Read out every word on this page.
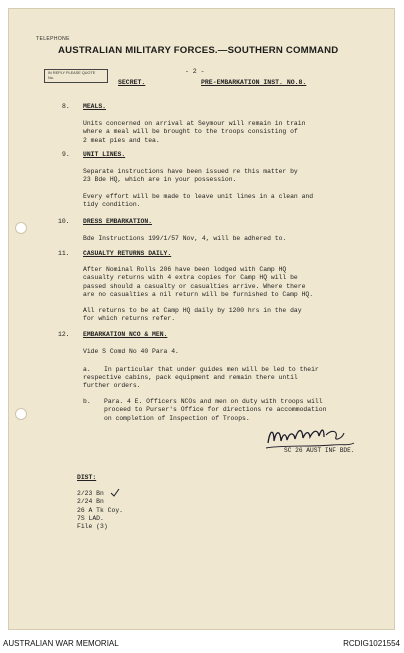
TELEPHONE
AUSTRALIAN MILITARY FORCES.—SOUTHERN COMMAND
IN REPLY PLEASE QUOTE
No.
- 2 -
SECRET.	PRE-EMBARKATION INST. NO.8.
8. MEALS.
Units concerned on arrival at Seymour will remain in train
where a meal will be brought to the troops consisting of
2 meat pies and tea.
9. UNIT LINES.
Separate instructions have been issued re this matter by
23 Bde HQ, which are in your possession.
Every effort will be made to leave unit lines in a clean and
tidy condition.
10. DRESS EMBARKATION.
Bde Instructions 199/1/57 Nov, 4, will be adhered to.
11. CASUALTY RETURNS DAILY.
After Nominal Rolls 206 have been lodged with Camp HQ
casualty returns with 4 extra copies for Camp HQ will be
passed should a casualty or casualties arrive. Where there
are no casualties a nil return will be furnished to Camp HQ.
All returns to be at Camp HQ daily by 1200 hrs in the day
for which returns refer.
12. EMBARKATION NCO & MEN.
Vide S Comd No 40 Para 4.
a. In particular that under guides men will be led to their
respective cabins, pack equipment and remain there until
further orders.
b. Para. 4 E. Officers NCOs and men on duty with troops will
proceed to Purser's Office for directions re accommodation
on completion of Inspection of Troops.
SC 26 AUST INF BDE.
DIST:
2/23 Bn
2/24 Bn
26 A Tk Coy.
7S LAD.
File (3)
AUSTRALIAN WAR MEMORIAL	RCDIG1021554
